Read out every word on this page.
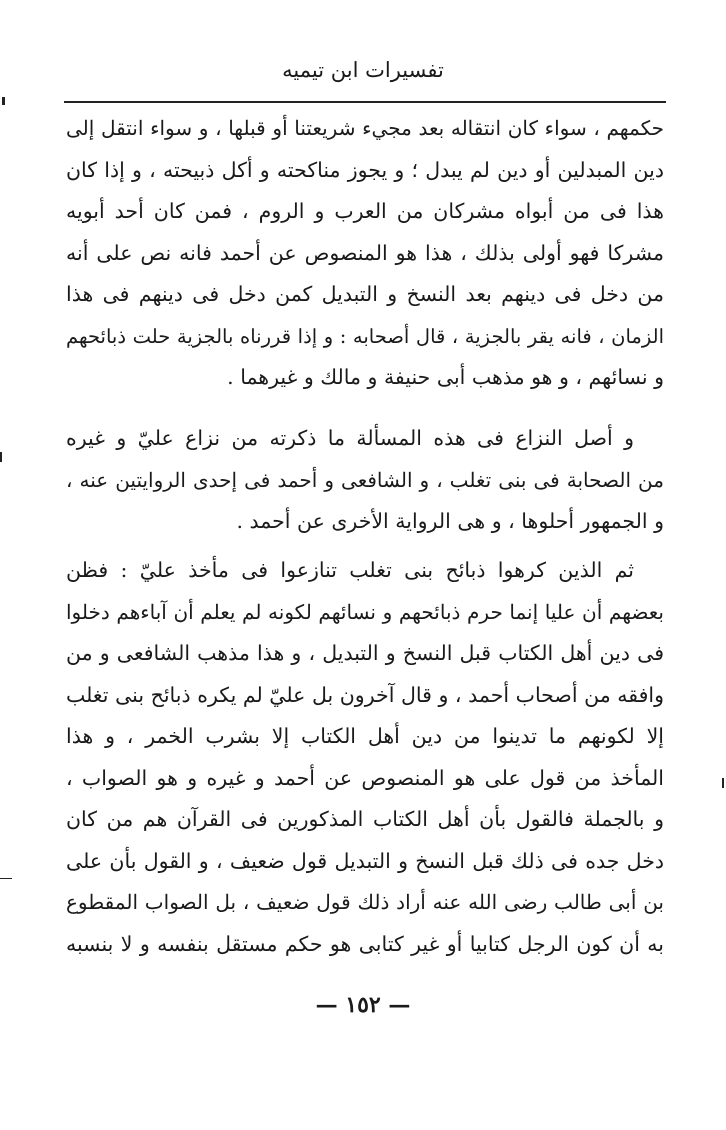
تفسيرات ابن تيميه
حكمهم ، سواء كان انتقاله بعد مجيء شريعتنا أو قبلها ، و سواء انتقل إلى
دين المبدلين أو دين لم يبدل ؛ و يجوز مناكحته و أكل ذبيحته ، و إذا كان
هذا فى من أبواه مشركان من العرب و الروم ، فمن كان أحد أبويه
مشركا فهو أولى بذلك ، هذا هو المنصوص عن أحمد فانه نص على أنه
من دخل فى دينهم بعد النسخ و التبديل كمن دخل فى دينهم فى هذا
الزمان ، فانه يقر بالجزية ، قال أصحابه : و إذا قررناه بالجزية حلت ذبائحهم
و نسائهم ، و هو مذهب أبى حنيفة و مالك و غيرهما .
و أصل النزاع فى هذه المسألة ما ذكرته من نزاع عليّ و غيره
من الصحابة فى بنى تغلب ، و الشافعى و أحمد فى إحدى الروايتين عنه ،
و الجمهور أحلوها ، و هى الرواية الأخرى عن أحمد .
ثم الذين كرهوا ذبائح بنى تغلب تنازعوا فى مأخذ عليّ : فظن
بعضهم أن عليا إنما حرم ذبائحهم و نسائهم لكونه لم يعلم أن آباءهم دخلوا
فى دين أهل الكتاب قبل النسخ و التبديل ، و هذا مذهب الشافعى و من
وافقه من أصحاب أحمد ، و قال آخرون بل عليّ لم يكره ذبائح بنى تغلب
إلا لكونهم ما تدينوا من دين أهل الكتاب إلا بشرب الخمر ، و هذا
المأخذ من قول على هو المنصوص عن أحمد و غيره و هو الصواب ،
و بالجملة فالقول بأن أهل الكتاب المذكورين فى القرآن هم من كان
دخل جده فى ذلك قبل النسخ و التبديل قول ضعيف ، و القول بأن على
بن أبى طالب رضى الله عنه أراد ذلك قول ضعيف ، بل الصواب المقطوع
به أن كون الرجل كتابيا أو غير كتابى هو حكم مستقل بنفسه و لا بنسبه
— ١٥٢ —
